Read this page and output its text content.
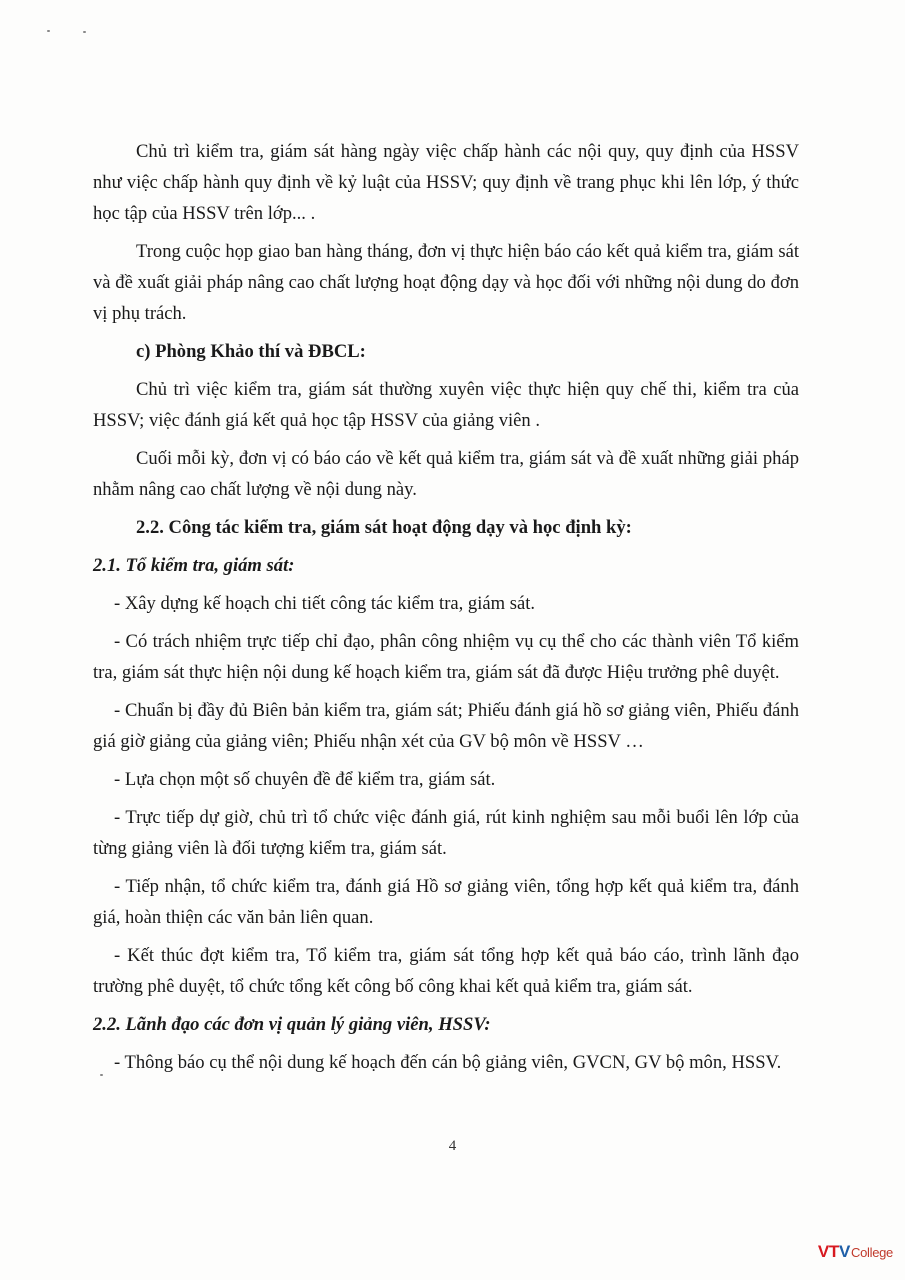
Chủ trì kiểm tra, giám sát hàng ngày việc chấp hành các nội quy, quy định của HSSV như việc chấp hành quy định về kỷ luật của HSSV; quy định về trang phục khi lên lớp, ý thức học tập của HSSV trên lớp... .

Trong cuộc họp giao ban hàng tháng, đơn vị thực hiện báo cáo kết quả kiểm tra, giám sát và đề xuất giải pháp nâng cao chất lượng hoạt động dạy và học đối với những nội dung do đơn vị phụ trách.

c) Phòng Khảo thí và ĐBCL:

Chủ trì việc kiểm tra, giám sát thường xuyên việc thực hiện quy chế thi, kiểm tra của HSSV; việc đánh giá kết quả học tập HSSV của giảng viên .

Cuối mỗi kỳ, đơn vị có báo cáo về kết quả kiểm tra, giám sát và đề xuất những giải pháp nhằm nâng cao chất lượng về nội dung này.

2.2. Công tác kiểm tra, giám sát hoạt động dạy và học định kỳ:

2.1. Tổ kiểm tra, giám sát:

- Xây dựng kế hoạch chi tiết công tác kiểm tra, giám sát.

- Có trách nhiệm trực tiếp chỉ đạo, phân công nhiệm vụ cụ thể cho các thành viên Tổ kiểm tra, giám sát thực hiện nội dung kế hoạch kiểm tra, giám sát đã được Hiệu trưởng phê duyệt.

- Chuẩn bị đầy đủ Biên bản kiểm tra, giám sát; Phiếu đánh giá hồ sơ giảng viên, Phiếu đánh giá giờ giảng của giảng viên; Phiếu nhận xét của GV bộ môn về HSSV …

- Lựa chọn một số chuyên đề để kiểm tra, giám sát.

- Trực tiếp dự giờ, chủ trì tổ chức việc đánh giá, rút kinh nghiệm sau mỗi buổi lên lớp của từng giảng viên là đối tượng kiểm tra, giám sát.

- Tiếp nhận, tổ chức kiểm tra, đánh giá Hồ sơ giảng viên, tổng hợp kết quả kiểm tra, đánh giá, hoàn thiện các văn bản liên quan.

- Kết thúc đợt kiểm tra, Tổ kiểm tra, giám sát tổng hợp kết quả báo cáo, trình lãnh đạo trường phê duyệt, tổ chức tổng kết công bố công khai kết quả kiểm tra, giám sát.

2.2. Lãnh đạo các đơn vị quản lý giảng viên, HSSV:

- Thông báo cụ thể nội dung kế hoạch đến cán bộ giảng viên, GVCN, GV bộ môn, HSSV.

4
V T V College
